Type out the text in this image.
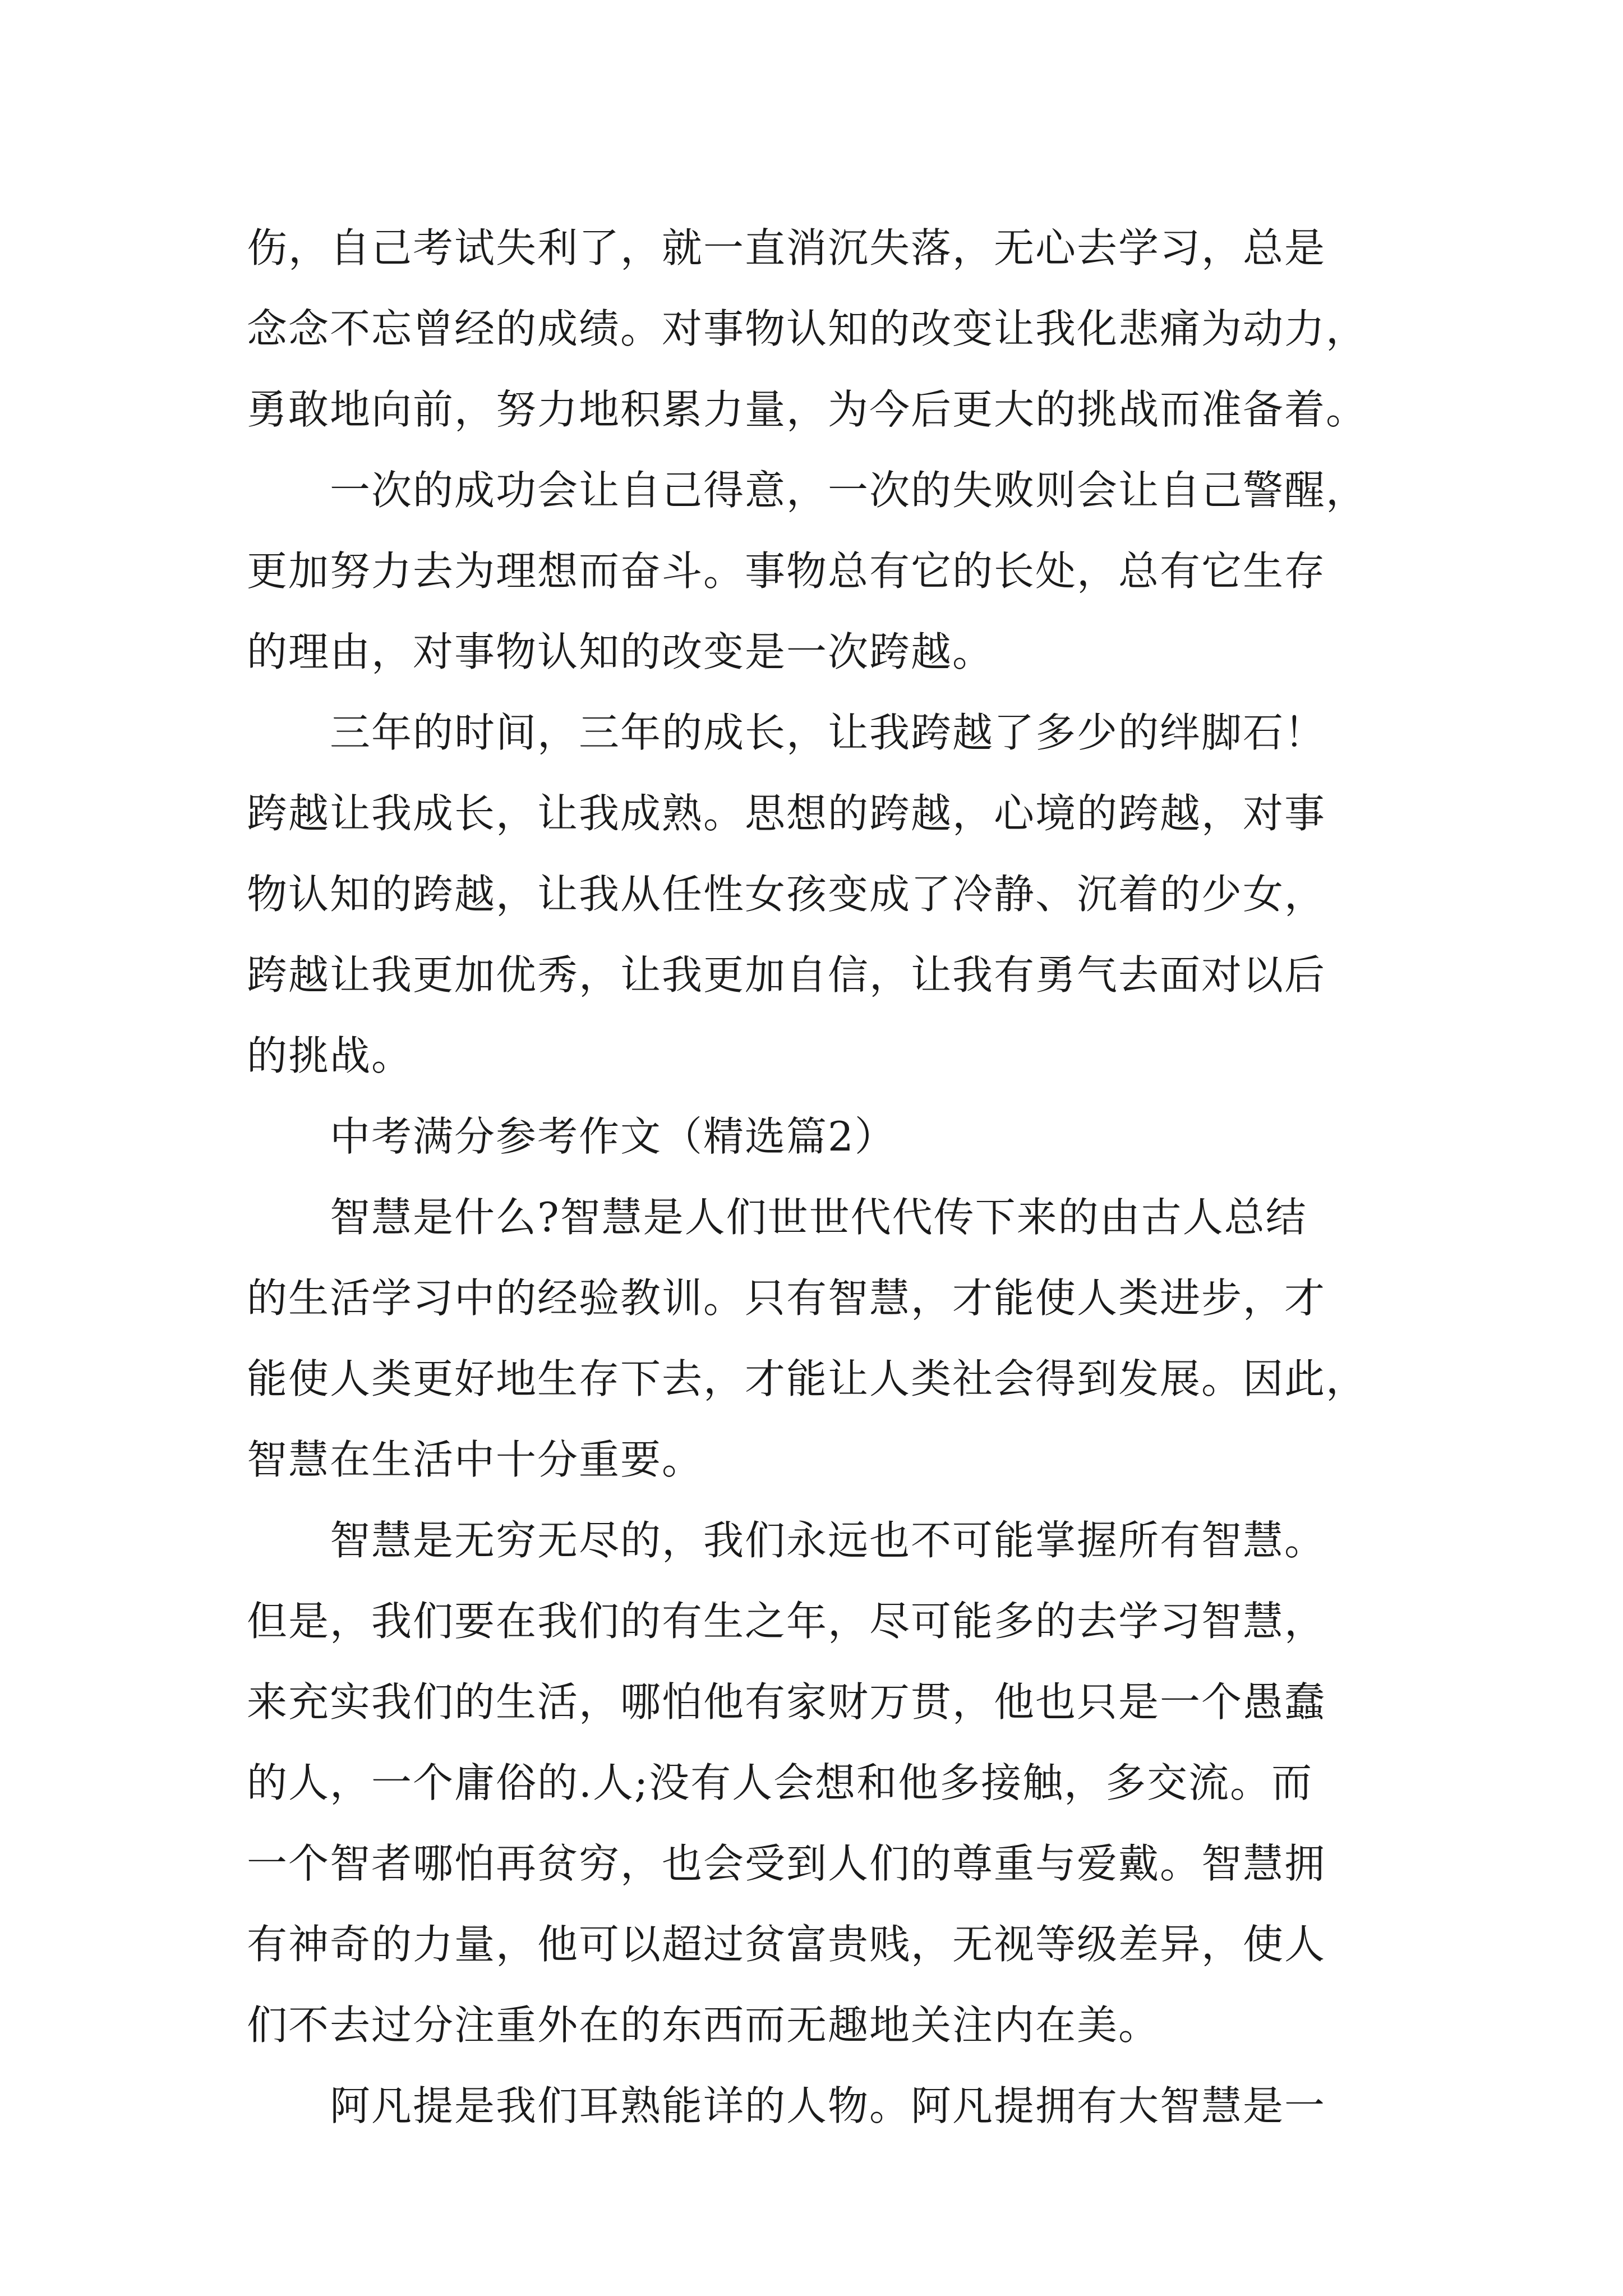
伤，自己考试失利了，就一直消沉失落，无心去学习，总是
念念不忘曾经的成绩。对事物认知的改变让我化悲痛为动力，
勇敢地向前，努力地积累力量，为今后更大的挑战而准备着。
　　一次的成功会让自己得意，一次的失败则会让自己警醒，
更加努力去为理想而奋斗。事物总有它的长处，总有它生存
的理由，对事物认知的改变是一次跨越。
　　三年的时间，三年的成长，让我跨越了多少的绊脚石！
跨越让我成长，让我成熟。思想的跨越，心境的跨越，对事
物认知的跨越，让我从任性女孩变成了冷静、沉着的少女，
跨越让我更加优秀，让我更加自信，让我有勇气去面对以后
的挑战。
　　中考满分参考作文（精选篇2）
　　智慧是什么?智慧是人们世世代代传下来的由古人总结
的生活学习中的经验教训。只有智慧，才能使人类进步，才
能使人类更好地生存下去，才能让人类社会得到发展。因此，
智慧在生活中十分重要。
　　智慧是无穷无尽的，我们永远也不可能掌握所有智慧。
但是，我们要在我们的有生之年，尽可能多的去学习智慧，
来充实我们的生活，哪怕他有家财万贯，他也只是一个愚蠢
的人，一个庸俗的.人;没有人会想和他多接触，多交流。而
一个智者哪怕再贫穷，也会受到人们的尊重与爱戴。智慧拥
有神奇的力量，他可以超过贫富贵贱，无视等级差异，使人
们不去过分注重外在的东西而无趣地关注内在美。
　　阿凡提是我们耳熟能详的人物。阿凡提拥有大智慧是一
